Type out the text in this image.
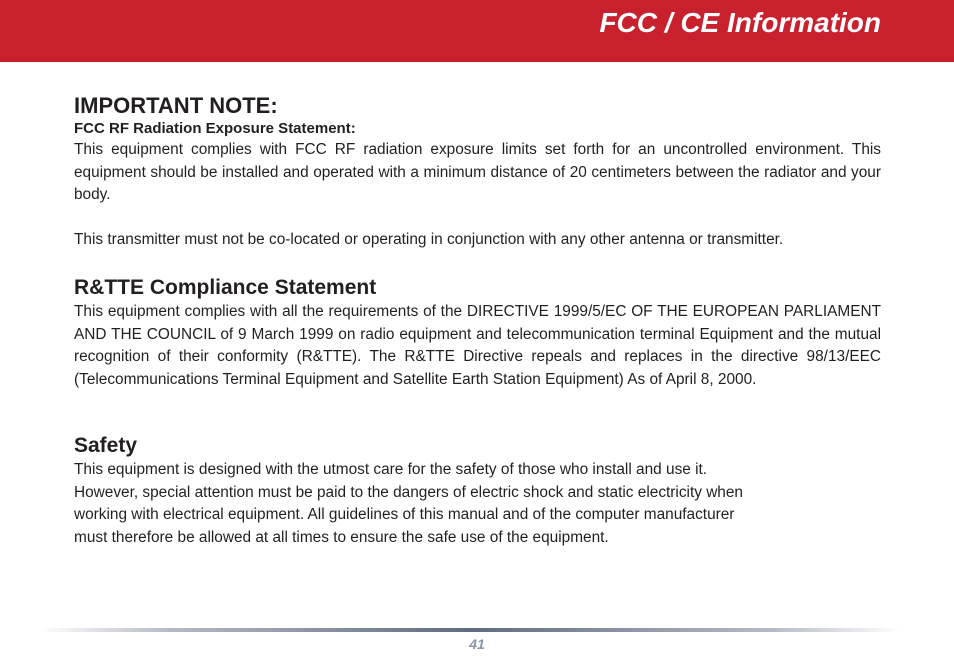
FCC / CE Information
IMPORTANT NOTE:
FCC RF Radiation Exposure Statement:

This equipment complies with FCC RF radiation exposure limits set forth for an uncontrolled environment. This equipment should be installed and operated with a minimum distance of 20 centimeters between the radiator and your body.

This transmitter must not be co-located or operating in conjunction with any other antenna or transmitter.

R&TTE Compliance Statement

This equipment complies with all the requirements of the DIRECTIVE 1999/5/EC OF THE EUROPEAN PARLIAMENT AND THE COUNCIL of 9 March 1999 on radio equipment and telecommunication terminal Equipment and the mutual recognition of their conformity (R&TTE). The R&TTE Directive repeals and replaces in the directive 98/13/EEC (Telecommunications Terminal Equipment and Satellite Earth Station Equipment) As of April 8, 2000.

Safety
This equipment is designed with the utmost care for the safety of those who install and use it.
However, special attention must be paid to the dangers of electric shock and static electricity when
working with electrical equipment. All guidelines of this manual and of the computer manufacturer
must therefore be allowed at all times to ensure the safe use of the equipment.
41
